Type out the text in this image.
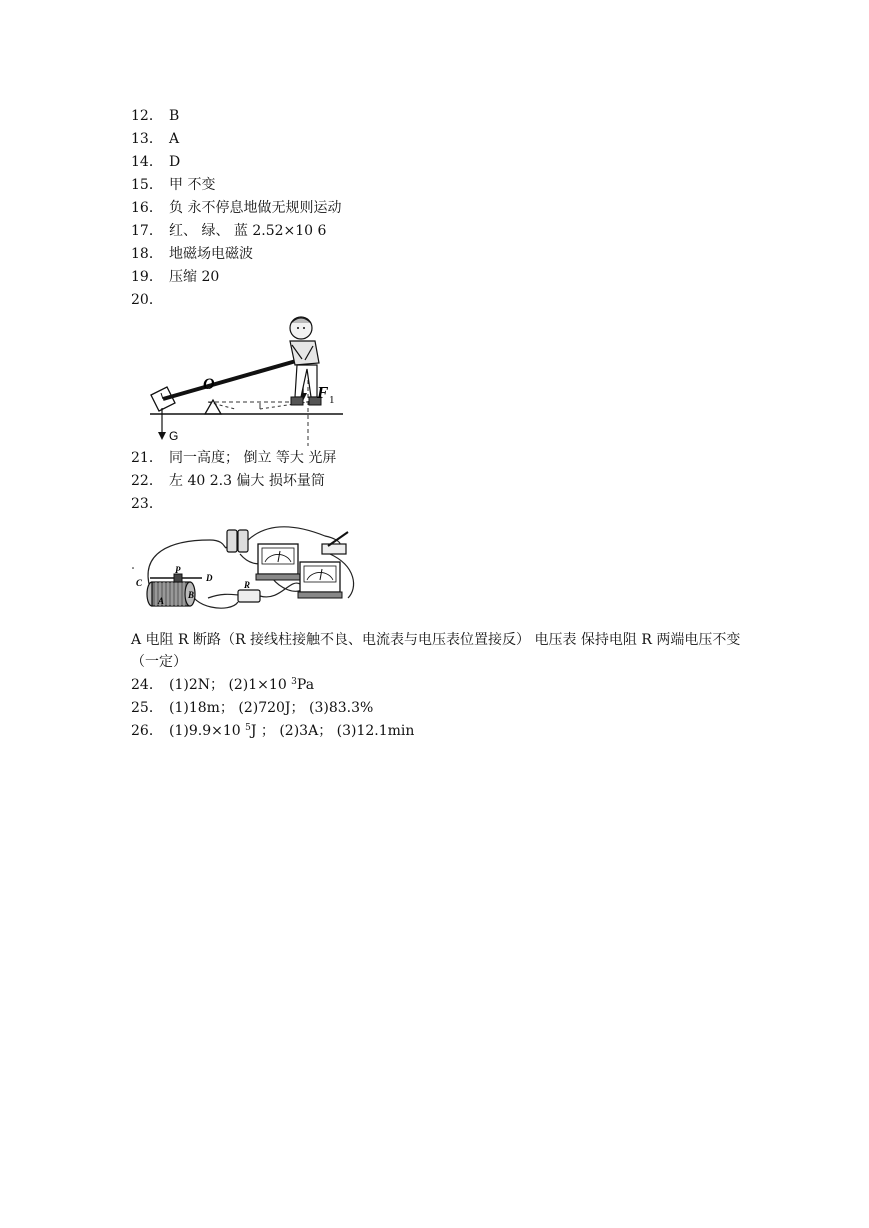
12． B
13． A
14． D
15． 甲 不变
16． 负 永不停息地做无规则运动
17． 红、 绿、 蓝 2.52×10 6
18． 地磁场电磁波
19． 压缩 20
20．
O	F 1
G
21． 同一高度； 倒立 等大 光屏
22． 左 40 2.3 偏大 损坏量筒
23．
C
P
D
A
B
R
A 电阻 R 断路（R 接线柱接触不良、电流表与电压表位置接反） 电压表 保持电阻 R 两端电压不变（一定）
24． (1)2N； (2)1×10 $^3$Pa
25． (1)18m； (2)720J； (3)83.3%
26． (1)9.9×10 $^5$J ； (2)3A； (3)12.1min
